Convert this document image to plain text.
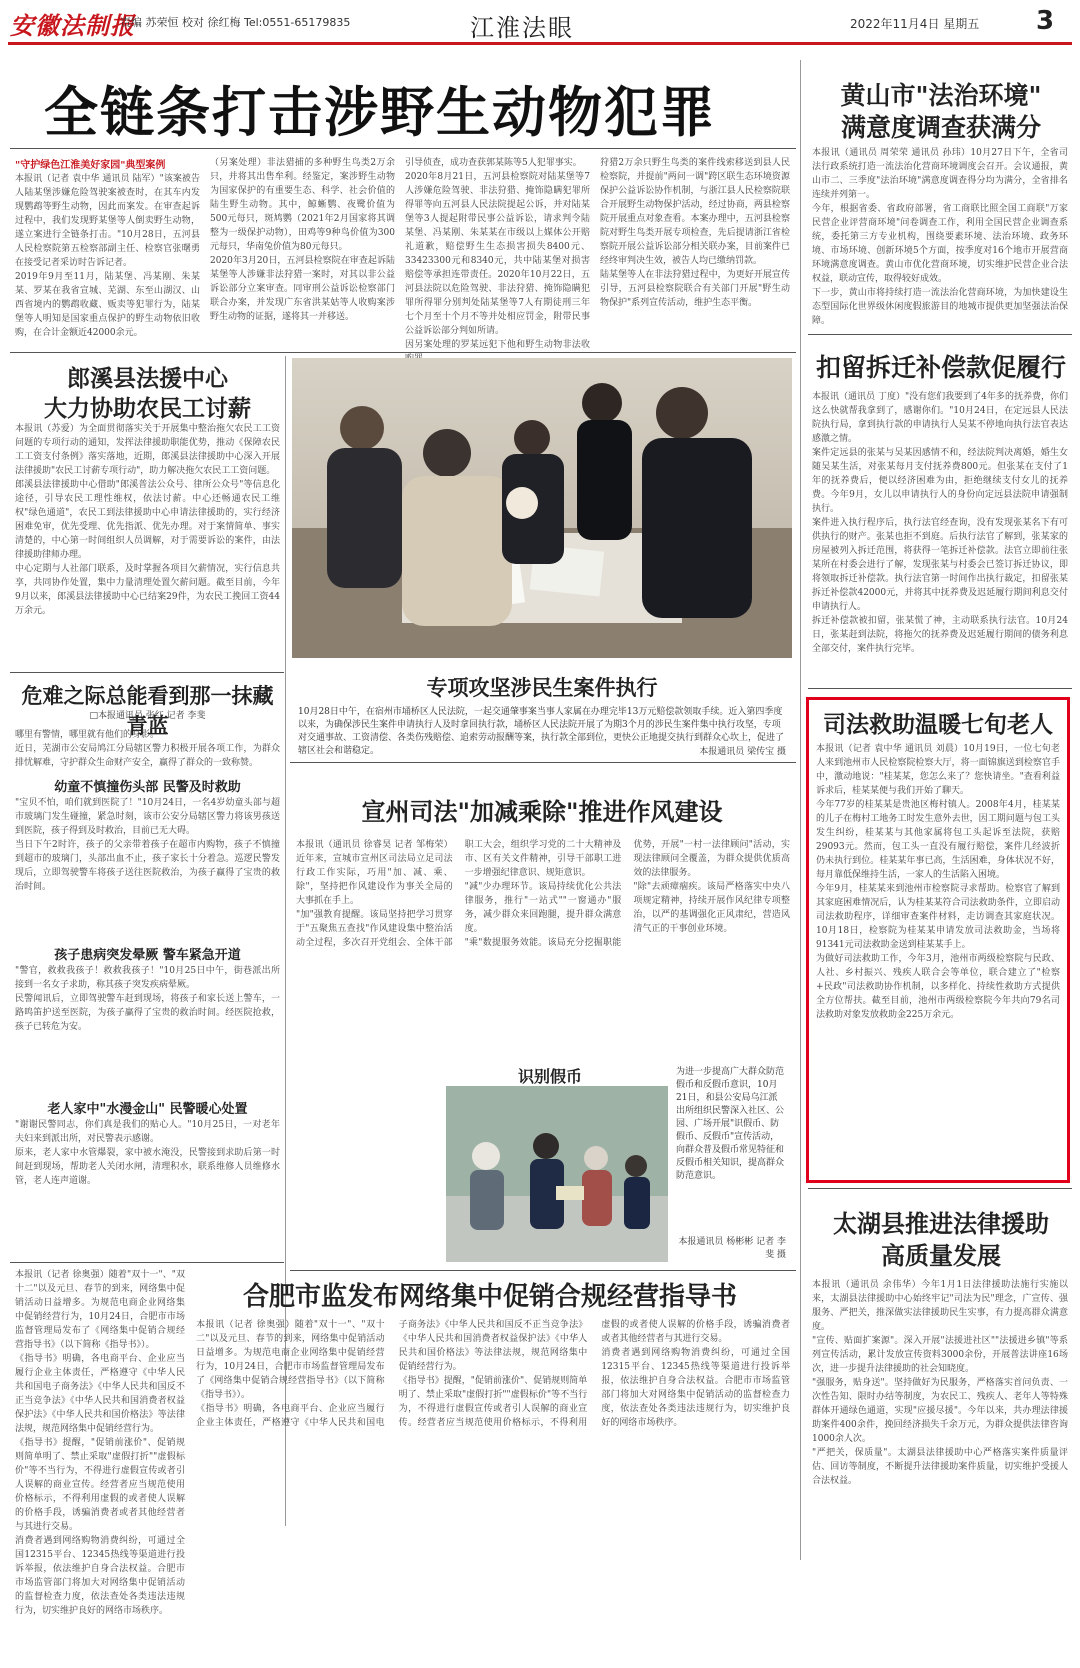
安徽法制报
责编 苏荣恒 校对 徐红梅 Tel:0551-65179835	江淮法眼	2022年11月4日 星期五 3
全链条打击涉野生动物犯罪
"守护绿色江淮美好家园"典型案例
本报讯（记者 袁中华 通讯员 陆军）"该案被告人陆某堡涉嫌危险驾驶案被查时，在其车内发现鹦鹉等野生动物，因此而案发。在审查起诉过程中，我们发现野某堡等人倒卖野生动物，遂立案进行全链条打击。"10月28日，五河县人民检察院第五检察部副主任、检察官张曙勇在接受记者采访时告诉记者。
2019年9月至11月，陆某堡、冯某刚、朱某某、罗某在我省宣城、芜湖、东至山湖汉、山西省境内的鹦鹉收藏、贩卖等犯罪行为，陆某堡等人明知是国家重点保护的野生动物依旧收购，在合计金额近42000余元。
（另案处理）非法猎捕的多种野生鸟类2万余只，并将其出售牟利。经鉴定，案涉野生动物为国家保护的有重要生态、科学、社会价值的陆生野生动物。其中，鲸蜥鹦、夜鹭价值为500元每只，斑鸠鹦（2021年2月国家将其调整为一级保护动物），田鸡等9种鸟价值为300元每只，华南兔价值为80元每只。
2020年3月20日，五河县检察院在审查起诉陆某堡等人涉嫌非法狩猎一案时，对其以非公益诉讼部分立案审查。同审刑公益诉讼检察部门联合办案，并发现广东省洪某姑等人收购案涉野生动物的证据，遂将其一并移送。
引导侦查，成功查获郭某陈等5人犯罪事实。
2020年8月21日，五河县检察院对陆某堡等7人涉嫌危险驾驶、非法狩猎、掩饰隐瞒犯罪所得罪等向五河县人民法院提起公诉，并对陆某堡等3人提起附带民事公益诉讼，请求判令陆某堡、冯某刚、朱某某在市级以上媒体公开赔礼道歉，赔偿野生生态损害损失8400元、33423300元和8340元，共中陆某堡对损害赔偿等承担连带责任。2020年10月22日，五河县法院以危险驾驶、非法狩猎、掩饰隐瞒犯罪所得罪分别判处陆某堡等7人有期徒刑三年七个月至十个月不等并处相应罚金，附带民事公益诉讼部分判如所请。
因另案处理的罗某远犯下他和野生动物非法收
狩猎2万余只野生鸟类的案件线索移送到县人民检察院，并提前"两问一调"跨区联生态环境资源保护公益诉讼协作机制，与浙江县人民检察院联合开展野生动物保护活动，经过协商，两县检察院开展重点对象查看。本案办理中，五河县检察院对野生鸟类开展专项检查，先后提请浙江省检察院开展公益诉讼部分相关联办案，目前案件已经终审判决生效，被告人均已缴纳罚款。
陆某堡等人在非法狩猎过程中，为更好开展宣传引导，五河县检察院联合有关部门开展"野生动物保护"系列宣传活动，维护生态平衡。
黄山市"法治环境"
满意度调查获满分
本报讯（通讯员 周荣荣 通讯员 孙玮）10月27日下午，全省司法行政系统打造一流法治化营商环境调度会召开。会议通报，黄山市二、三季度"法治环境"满意度调查得分均为满分，全省排名连续并列第一。
今年，根据省委、省政府部署，省工商联比照全国工商联"万家民营企业评营商环境"问卷调查工作，利用全国民营企业调查系统，委托第三方专业机构，围绕要素环境、法治环境、政务环境、市场环境、创新环境5个方面，按季度对16个地市开展营商环境满意度调查。黄山市优化营商环境，切实维护民营企业合法权益，联动宣传，取得较好成效。
下一步，黄山市将持续打造一流法治化营商环境，为加快建设生态型国际化世界级休闲度假旅游目的地城市提供更加坚强法治保障。
扣留拆迁补偿款促履行
本报讯（通讯员 丁度）"没有您们我要到了4年多的抚养费，你们这么快就帮我拿到了，感谢你们。"10月24日，在定远县人民法院执行局，拿到执行款的申请执行人吴某不停地向执行法官表达感激之情。
案件定远县的张某与吴某因感情不和，经法院判决离婚，婚生女随吴某生活，对张某每月支付抚养费800元。但张某在支付了1年的抚养费后，便以经济困难为由，拒绝继续支付女儿的抚养费。今年9月，女儿以申请执行人的身份向定远县法院申请强制执行。
案件进入执行程序后，执行法官经查询，没有发现张某名下有可供执行的财产。张某也拒不到庭。后执行法官了解到，张某家的房屋被列入拆迁范围，将获得一笔拆迁补偿款。法官立即前往张某所在村委会进行了解，发现张某与村委会已签订拆迁协议，即将领取拆迁补偿款。执行法官第一时间作出执行裁定，扣留张某拆迁补偿款42000元，并将其中抚养费及迟延履行期间利息交付申请执行人。
拆迁补偿款被扣留，张某慌了神，主动联系执行法官。10月24日，张某赶到法院，将拖欠的抚养费及迟延履行期间的债务利息全部交付，案件执行完毕。
司法救助温暖七旬老人
本报讯（记者 袁中华 通讯员 刘晨）10月19日，一位七旬老人来到池州市人民检察院检察大厅，将一面锦旗送到检察官手中，激动地说："桂某某，您怎么来了？您快请坐。"查看利益诉求后，桂某某便与我们开始了聊天。
今年77岁的桂某某是贵池区梅村镇人。2008年4月，桂某某的儿子在梅村工地务工时发生意外去世，因工期问题与包工头发生纠纷，桂某某与其他家属将包工头起诉至法院，获赔29093元。然而，包工头一直没有履行赔偿，案件几经波折仍未执行到位。桂某某年事已高，生活困难，身体状况不好，每月靠低保维持生活，一家人的生活陷入困境。
今年9月，桂某某来到池州市检察院寻求帮助。检察官了解到其家庭困难情况后，认为桂某某符合司法救助条件，立即启动司法救助程序，详细审查案件材料，走访调查其家庭状况。10月18日，检察院为桂某某申请发放司法救助金，当场将91341元司法救助金送到桂某某手上。
为做好司法救助工作，今年3月，池州市两级检察院与民政、人社、乡村振兴、残疾人联合会等单位，联合建立了"检察+民政"司法救助协作机制，以多样化、持续性救助方式提供全方位帮扶。截至目前，池州市两级检察院今年共向79名司法救助对象发放救助金225万余元。
太湖县推进法律援助
高质量发展
本报讯（通讯员 余伟华）今年1月1日法律援助法施行实施以来，太湖县法律援助中心始终牢记"司法为民"理念，广宣传、强服务、严把关，推深做实法律援助民生实事，有力提高群众满意度。
"宣传、贴面扩案源"。深入开展"法援进社区""法援进乡镇"等系列宣传活动，累计发放宣传资料3000余份，开展普法讲座16场次，进一步提升法律援助的社会知晓度。
"强服务，贴身送"。坚持做好为民服务，严格落实首问负责、一次性告知、限时办结等制度，为农民工、残疾人、老年人等特殊群体开通绿色通道，实现"应援尽援"。今年以来，共办理法律援助案件400余件，挽回经济损失千余万元，为群众提供法律咨询1000余人次。
"严把关，保质量"。太湖县法律援助中心严格落实案件质量评估、回访等制度，不断提升法律援助案件质量，切实维护受援人合法权益。
郎溪县法援中心
大力协助农民工讨薪
本报讯（苏爱）为全面贯彻落实关于开展集中整治拖欠农民工工资问题的专项行动的通知，发挥法律援助职能优势，推动《保障农民工工资支付条例》落实落地，近期，郎溪县法律援助中心深入开展法律援助"农民工讨薪专项行动"，助力解决拖欠农民工工资问题。
郎溪县法律援助中心借助"郎溪普法公众号、律所公众号"等信息化途径，引导农民工理性维权，依法讨薪。中心还畅通农民工维权"绿色通道"，农民工到法律援助中心申请法律援助的，实行经济困难免审，优先受理、优先指派、优先办理。对于案情简单、事实清楚的，中心第一时间组织人员调解，对于需要诉讼的案件，由法律援助律师办理。
中心定期与人社部门联系，及时掌握各项目欠薪情况，实行信息共享，共同协作处置，集中力量清理处置欠薪问题。截至目前，今年9月以来，郎溪县法律援助中心已结案29件，为农民工挽回工资44万余元。
专项攻坚涉民生案件执行
10月28日中午，在宿州市埇桥区人民法院，一起交通肇事案当事人家属在办理完毕13万元赔偿款领取手续。近入第四季度以来，为确保涉民生案件申请执行人及时拿回执行款，埇桥区人民法院开展了为期3个月的涉民生案件集中执行攻坚，专项对交通事故、工资清偿、各类伤残赔偿、追索劳动报酬等案，执行款全部到位，更快公正地提交执行到群众心坎上，促进了辖区社会和谐稳定。	本报通讯员 梁传宝 摄
危难之际总能看到那一抹藏青蓝
□本报通讯员 张红 记者 李斐
哪里有警情，哪里就有他们的身影。
近日，芜湖市公安局鸠江分局辖区警力积极开展各项工作，为群众排忧解难，守护群众生命财产安全，赢得了群众的一致称赞。
幼童不慎撞伤头部 民警及时救助
"宝贝不怕，咱们就到医院了！"10月24日，一名4岁幼童头部与超市玻璃门发生碰撞，紧急时刻，该市公安分局辖区警力将该男孩送到医院，孩子得到及时救治，目前已无大碍。
当日下午2时许，孩子的父亲带着孩子在超市内购物，孩子不慎撞到超市的玻璃门，头部出血不止，孩子家长十分着急。巡逻民警发现后，立即驾驶警车将孩子送往医院救治，为孩子赢得了宝贵的救治时间。
孩子患病突发晕厥 警车紧急开道
"警官，救救我孩子！救救我孩子！"10月25日中午，街巷派出所接到一名女子求助，称其孩子突发疾病晕厥。
民警闻讯后，立即驾驶警车赶到现场，将孩子和家长送上警车，一路鸣笛护送至医院，为孩子赢得了宝贵的救治时间。经医院抢救，孩子已转危为安。
老人家中"水漫金山" 民警暖心处置
"谢谢民警同志，你们真是我们的贴心人。"10月25日，一对老年夫妇来到派出所，对民警表示感谢。
原来，老人家中水管爆裂，家中被水淹没，民警接到求助后第一时间赶到现场，帮助老人关闭水闸，清理积水，联系维修人员维修水管，老人连声道谢。
宣州司法"加减乘除"推进作风建设
本报讯（通讯员 徐睿昊 记者 邹梅荣）近年来，宣城市宣州区司法局立足司法行政工作实际，巧用"加、减、乘、除"，坚持把作风建设作为事关全局的大事抓在手上。
"加"强教育提醒。该局坚持把学习贯穿于"五聚焦五查找"作风建设集中整治活动全过程，多次召开党组会、全体干部职工大会，组织学习党的二十大精神及市、区有关文件精神，引导干部职工进一步增强纪律意识、规矩意识。
"减"少办理环节。该局持续优化公共法律服务，推行"一站式""一窗通办"服务，减少群众来回跑腿，提升群众满意度。
"乘"数提服务效能。该局充分挖掘职能优势，开展"一村一法律顾问"活动，实现法律顾问全覆盖，为群众提供优质高效的法律服务。
"除"去顽瘴痼疾。该局严格落实中央八项规定精神，持续开展作风纪律专项整治，以严的基调强化正风肃纪，营造风清气正的干事创业环境。
识别假币	为进一步提高广大群众防范假币和反假币意识，10月21日，和县公安局乌江派出所组织民警深入社区、公园、广场开展"识假币、防假币、反假币"宣传活动，向群众普及假币常见特征和反假币相关知识，提高群众防范意识。
本报通讯员 杨彬彬 记者 李斐 摄
合肥市监发布网络集中促销合规经营指导书
本报讯（记者 徐奥强）随着"双十一"、"双十二"以及元旦、春节的到来，网络集中促销活动日益增多。为规范电商企业网络集中促销经营行为，10月24日，合肥市市场监督管理局发布了《网络集中促销合规经营指导书》（以下简称《指导书》）。
《指导书》明确，各电商平台、企业应当履行企业主体责任，严格遵守《中华人民共和国电子商务法》《中华人民共和国反不正当竞争法》《中华人民共和国消费者权益保护法》《中华人民共和国价格法》等法律法规，规范网络集中促销经营行为。
《指导书》提醒，"促销前涨价"、促销规则简单明了、禁止采取"虚假打折""虚假标价"等不当行为，不得进行虚假宣传或者引人误解的商业宣传。经营者应当规范使用价格标示，不得利用虚假的或者使人误解的价格手段，诱骗消费者或者其他经营者与其进行交易。
消费者遇到网络购物消费纠纷，可通过全国12315平台、12345热线等渠道进行投诉举报，依法维护自身合法权益。合肥市市场监管部门将加大对网络集中促销活动的监督检查力度，依法查处各类违法违规行为，切实维护良好的网络市场秩序。
本报讯（记者 徐奥强）随着"双十一"、"双十二"以及元旦、春节的到来，网络集中促销活动日益增多。为规范电商企业网络集中促销经营行为，10月24日，合肥市市场监督管理局发布了《网络集中促销合规经营指导书》（以下简称《指导书》）。
《指导书》明确，各电商平台、企业应当履行企业主体责任，严格遵守《中华人民共和国电子商务法》《中华人民共和国反不正当竞争法》《中华人民共和国消费者权益保护法》《中华人民共和国价格法》等法律法规，规范网络集中促销经营行为。
《指导书》提醒，"促销前涨价"、促销规则简单明了、禁止采取"虚假打折""虚假标价"等不当行为，不得进行虚假宣传或者引人误解的商业宣传。经营者应当规范使用价格标示，不得利用虚假的或者使人误解的价格手段，诱骗消费者或者其他经营者与其进行交易。
消费者遇到网络购物消费纠纷，可通过全国12315平台、12345热线等渠道进行投诉举报，依法维护自身合法权益。合肥市市场监管部门将加大对网络集中促销活动的监督检查力度，依法查处各类违法违规行为，切实维护良好的网络市场秩序。
